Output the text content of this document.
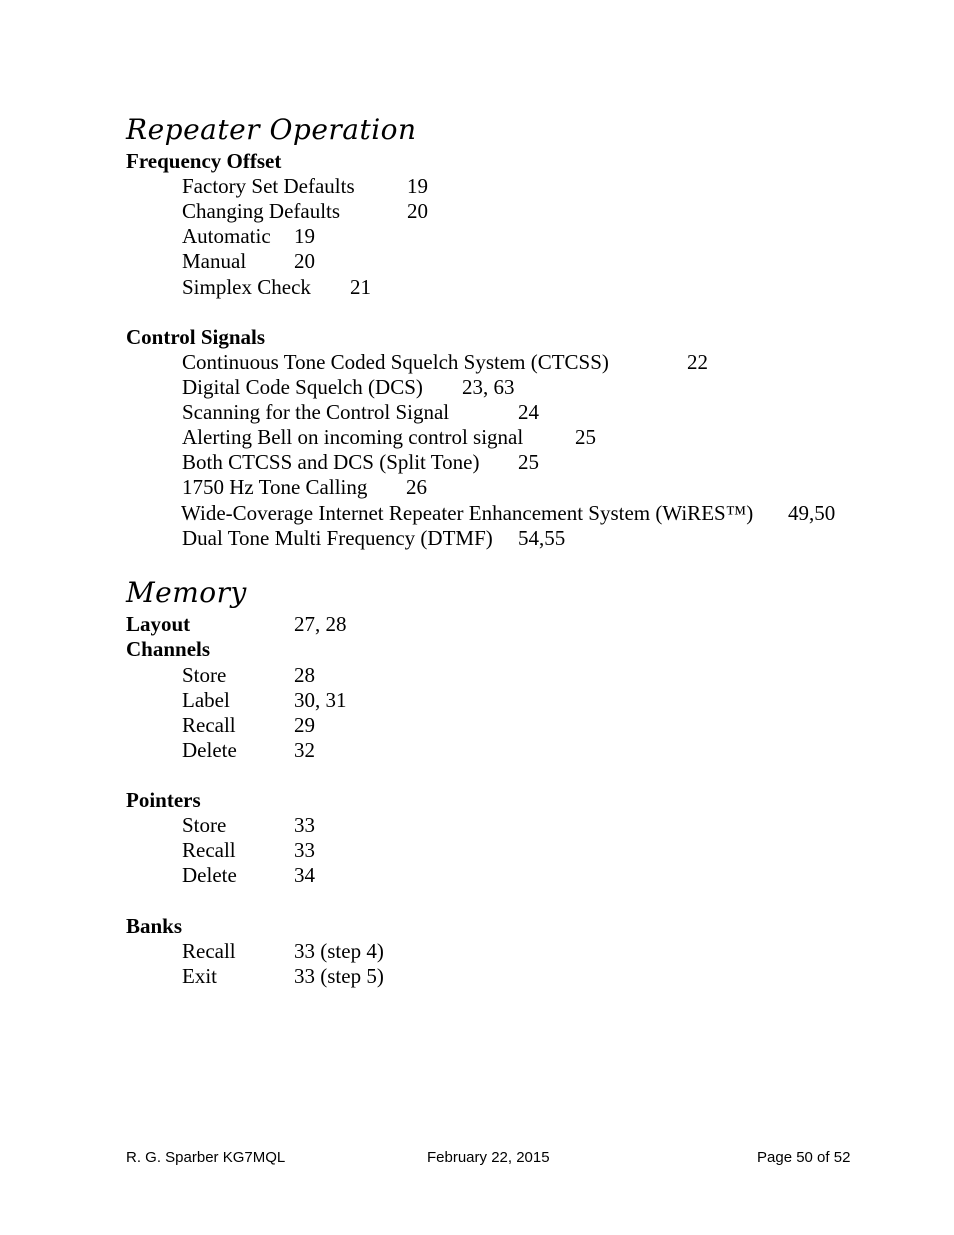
Repeater Operation
Frequency Offset
Factory Set Defaults 19
Changing Defaults	20
Automatic 19
Manual 20
Simplex Check 21
Control Signals
Continuous Tone Coded Squelch System (CTCSS)	22
Digital Code Squelch (DCS) 23, 63
Scanning for the Control Signal	24
Alerting Bell on incoming control signal 25
Both CTCSS and DCS (Split Tone) 25
1750 Hz Tone Calling 26
Wide-Coverage Internet Repeater Enhancement System (WiRES™) 49,50
Dual Tone Multi Frequency (DTMF) 54,55
Memory
Layout	27, 28
Channels
Store	28
Label	30, 31
Recall	29
Delete	32
Pointers
Store	33
Recall	33
Delete	34
Banks
Recall	33 (step 4)
Exit	33 (step 5)
R. G. Sparber KG7MQL	February 22, 2015	Page 50 of 52
